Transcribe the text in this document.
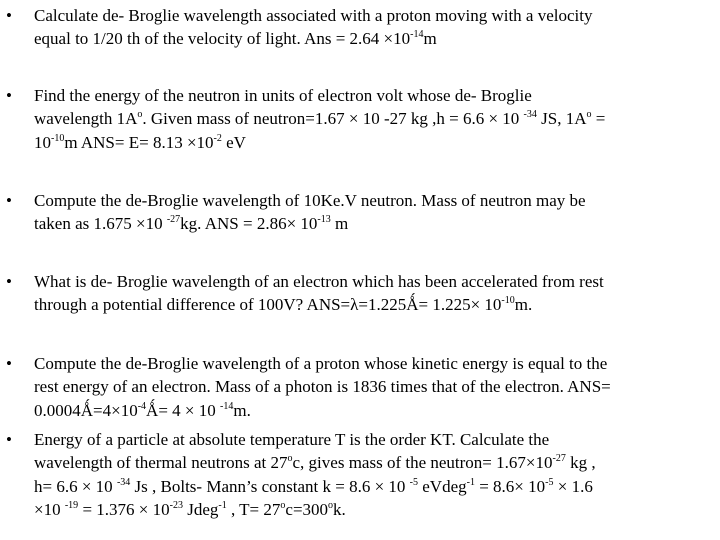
• Calculate de- Broglie wavelength associated with a proton moving with a velocity
equal to 1/20 th of the velocity of light. Ans = $2.64 \times 10^{-14}m$
• Find the energy of the neutron in units of electron volt whose de- Broglie
wavelength $1A^o$. Given mass of neutron=1.67 × 10 -27 kg ,h = 6.6 × 10 $^{-34}$ JS, $1A^o$ =
$10^{-10}m$ $ANS= E= 8.13 \times 10^{-2}$ eV
• Compute the de-Broglie wavelength of 10Ke.V neutron. Mass of neutron may be
taken as 1.675 ×10 $^{-27}$kg. ANS = $2.86\times 10^{-13}$ m
• What is de- Broglie wavelength of an electron which has been accelerated from rest
through a potential difference of 100V? ANS=λ=1.225Ǻ= $1.225\times 10^{-10}m$.
• Compute the de-Broglie wavelength of a proton whose kinetic energy is equal to the
rest energy of an electron. Mass of a photon is 1836 times that of the electron. ANS=
$0.0004Ǻ=4\times 10^{-4}Ǻ= 4 \times 10$ $^{-14}$m.
• Energy of a particle at absolute temperature T is the order KT. Calculate the
wavelength of thermal neutrons at 27$^o$c, gives mass of the neutron= $1.67\times 10^{-27}$ kg ,
h= 6.6 × 10 $^{-34}$ Js , Bolts- Mann’s constant k = 8.6 × 10 $^{-5}$ eVdeg$^{-1}$ = $8.6\times 10^{-5} \times 1.6$
×10 $^{-19} = 1.376 \times 10^{-23}$ Jdeg$^{-1}$ , $T= 27^oc=300^ok$.
